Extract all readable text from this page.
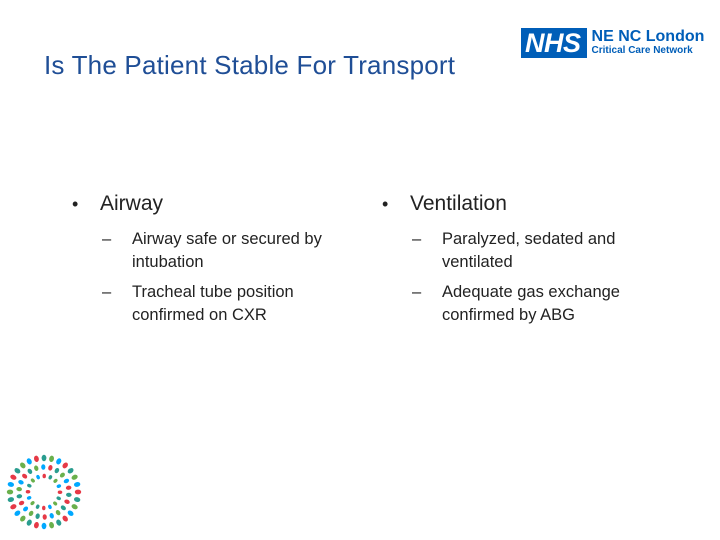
Is The Patient Stable For Transport
NHS NE NC London
Critical Care Network
•	Airway
–	Airway safe or secured by intubation
–	Tracheal tube position confirmed on CXR
•	Ventilation
–	Paralyzed, sedated and ventilated
–	Adequate gas exchange confirmed by ABG
